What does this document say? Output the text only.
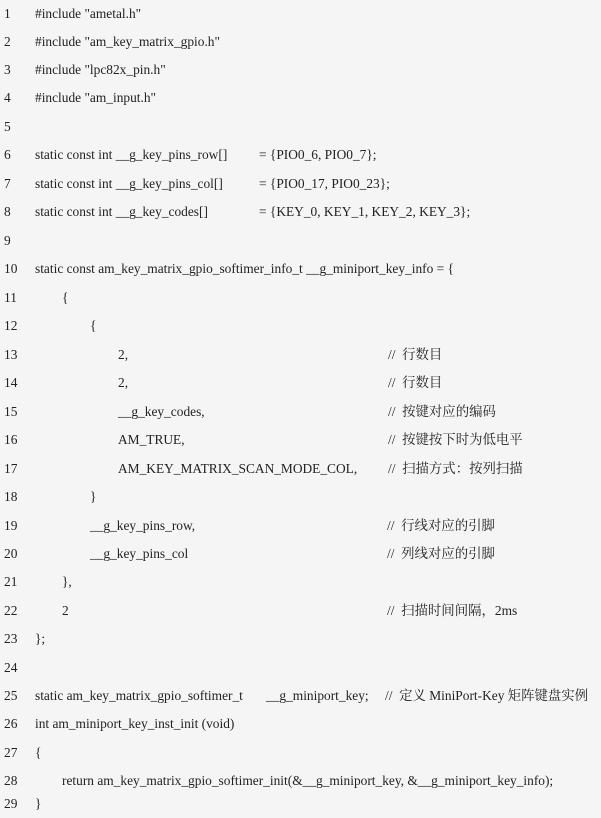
1 #include "ametal.h"
2 #include "am_key_matrix_gpio.h"
3 #include "lpc82x_pin.h"
4 #include "am_input.h"
5
6 static const int __g_key_pins_row[] = {PIO0_6, PIO0_7};
7 static const int __g_key_pins_col[]	= {PIO0_17, PIO0_23};
8 static const int __g_key_codes[]	= {KEY_0, KEY_1, KEY_2, KEY_3};
9
10 static const am_key_matrix_gpio_softimer_info_t __g_miniport_key_info = {
11	{
12	{
13	2,	//  行数目
14	2,	//  行数目
15	__g_key_codes,	//  按键对应的编码
16	AM_TRUE,	//  按键按下时为低电平
17	AM_KEY_MATRIX_SCAN_MODE_COL, //  扫描方式：按列扫描
18	}
19	__g_key_pins_row,	//  行线对应的引脚
20	__g_key_pins_col	//  列线对应的引脚
21	},
22	2	//  扫描时间间隔，2ms
23 };
24
25 static am_key_matrix_gpio_softimer_t __g_miniport_key; //  定义 MiniPort-Key 矩阵键盘实例
26 int am_miniport_key_inst_init (void)
27 {
28	return am_key_matrix_gpio_softimer_init(&__g_miniport_key, &__g_miniport_key_info);
29 }
